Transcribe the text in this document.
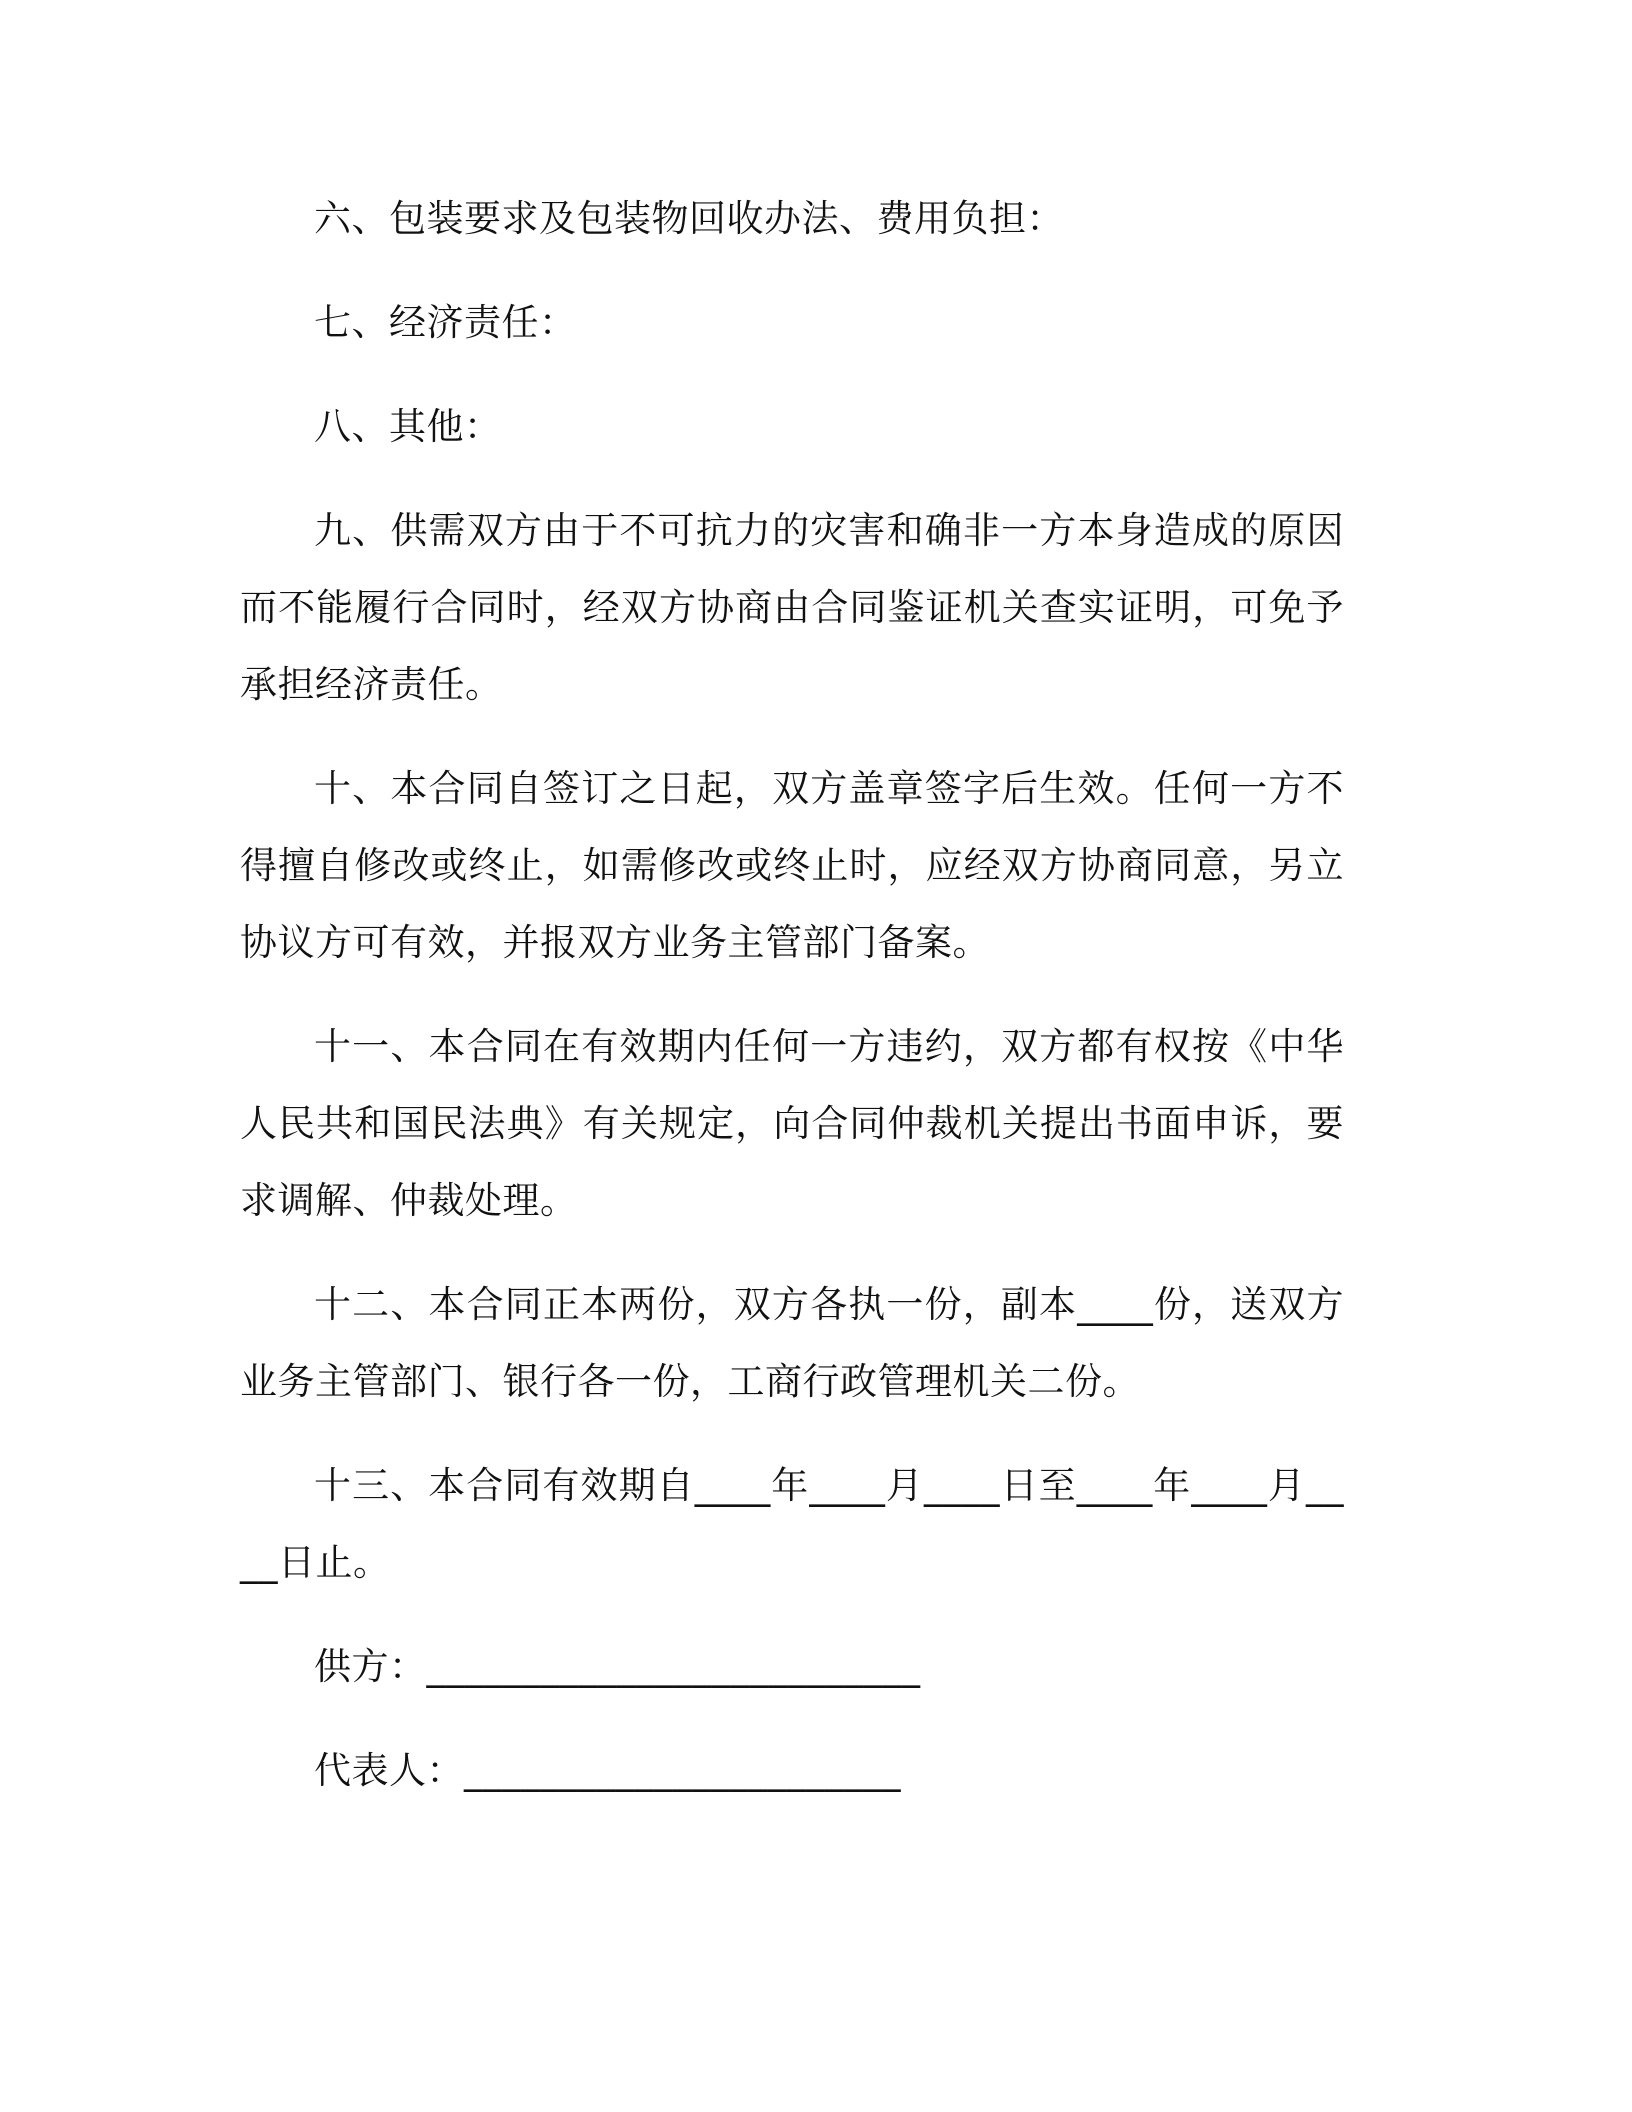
六、包装要求及包装物回收办法、费用负担：

七、经济责任：

八、其他：

九、供需双方由于不可抗力的灾害和确非一方本身造成的原因而不能履行合同时，经双方协商由合同鉴证机关查实证明，可免予承担经济责任。

十、本合同自签订之日起，双方盖章签字后生效。任何一方不得擅自修改或终止，如需修改或终止时，应经双方协商同意，另立协议方可有效，并报双方业务主管部门备案。

十一、本合同在有效期内任何一方违约，双方都有权按《中华人民共和国民法典》有关规定，向合同仲裁机关提出书面申诉，要求调解、仲裁处理。

十二、本合同正本两份，双方各执一份，副本____份，送双方业务主管部门、银行各一份，工商行政管理机关二份。

十三、本合同有效期自____年____月____日至____年____月____日止。

供方：__________________________

代表人：_______________________
